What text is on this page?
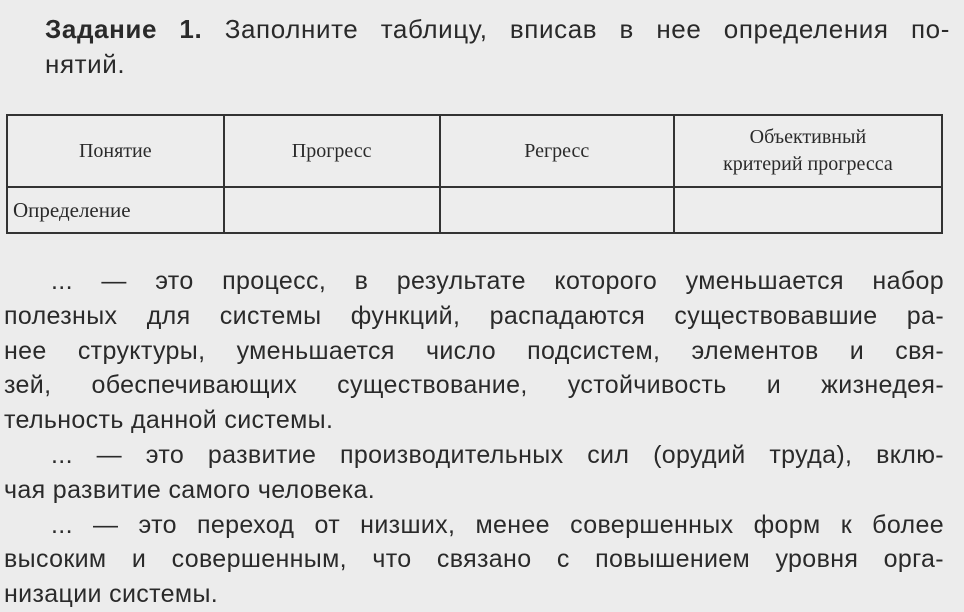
Задание 1. Заполните таблицу, вписав в нее определения по-
нятий.
Понятие	Прогресс	Регресс	Объективный
критерий прогресса
Определение			
... — это процесс, в результате которого уменьшается набор
полезных для системы функций, распадаются существовавшие ра-
нее структуры, уменьшается число подсистем, элементов и свя-
зей, обеспечивающих существование, устойчивость и жизнедея-
тельность данной системы.
... — это развитие производительных сил (орудий труда), вклю-
чая развитие самого человека.
... — это переход от низших, менее совершенных форм к более
высоким и совершенным, что связано с повышением уровня орга-
низации системы.
